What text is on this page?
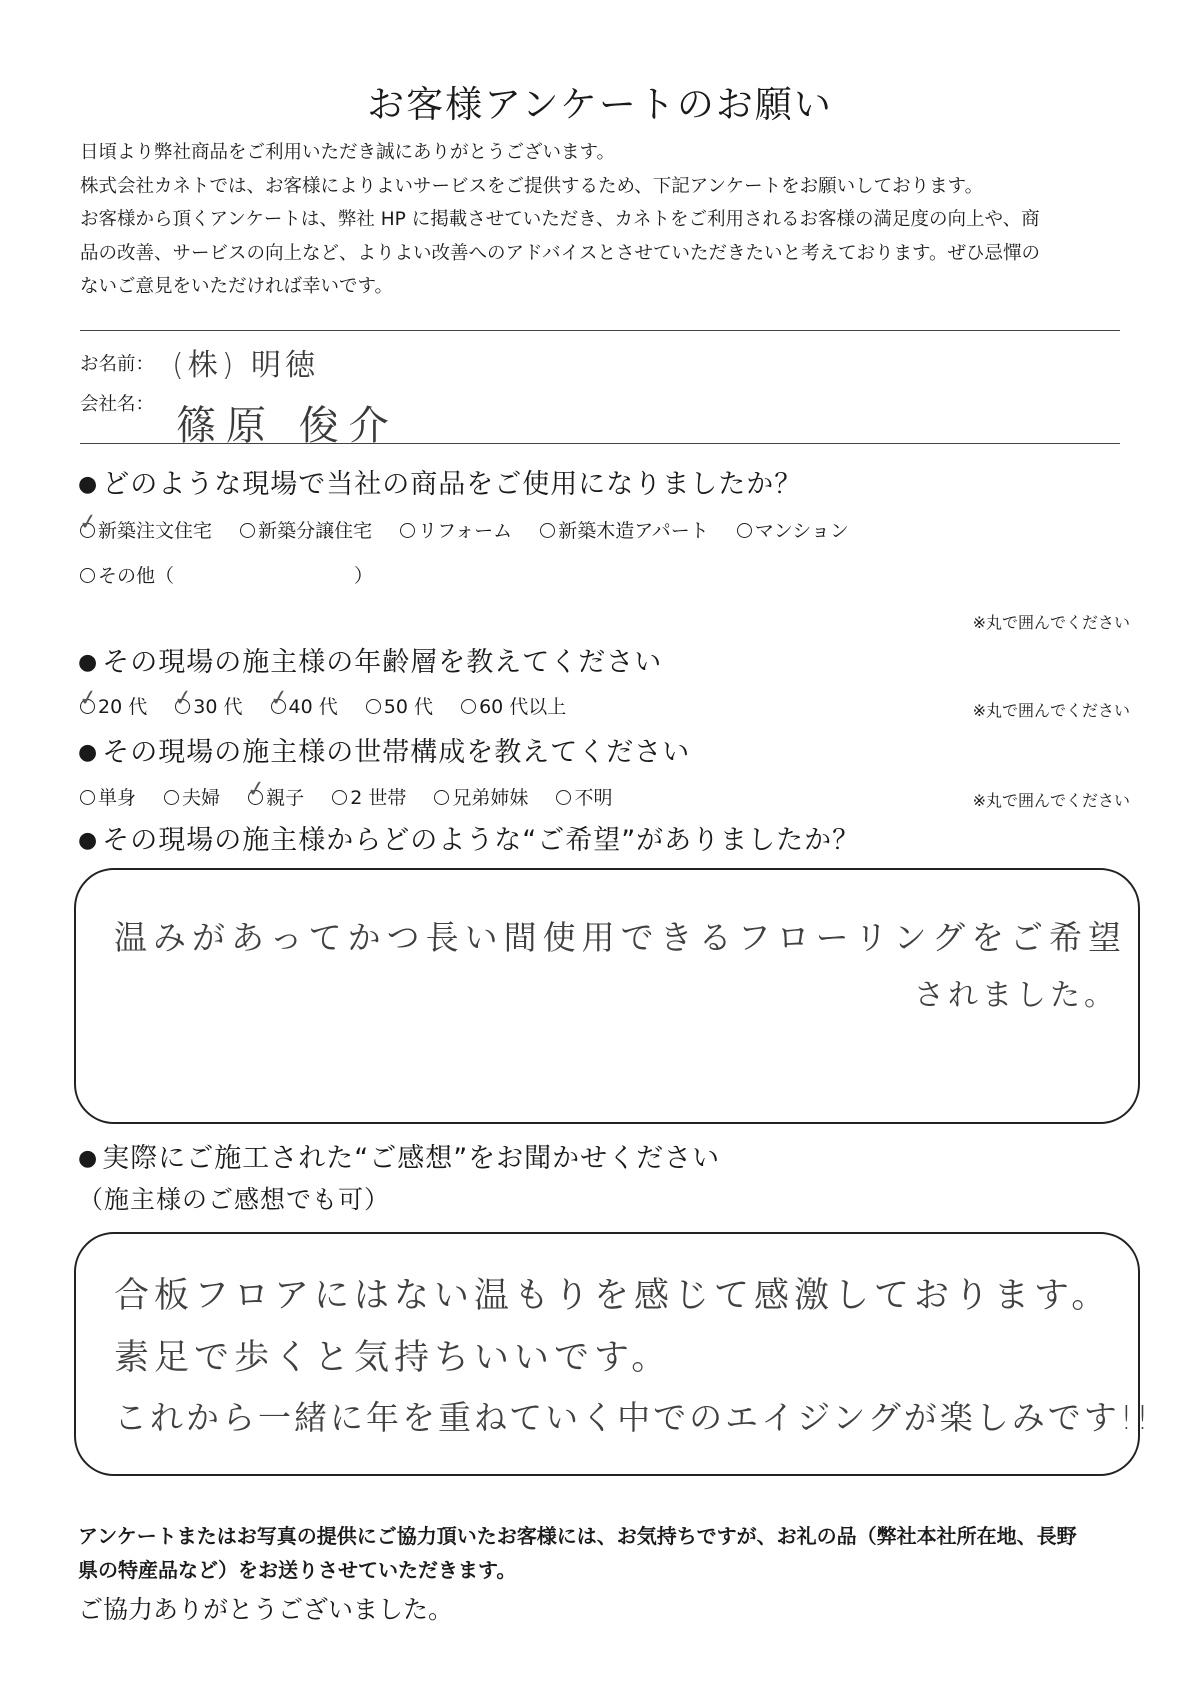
お客様アンケートのお願い
日頃より弊社商品をご利用いただき誠にありがとうございます。
株式会社カネトでは、お客様によりよいサービスをご提供するため、下記アンケートをお願いしております。
お客様から頂くアンケートは、弊社 HP に掲載させていただき、カネトをご利用されるお客様の満足度の向上や、商
品の改善、サービスの向上など、よりよい改善へのアドバイスとさせていただきたいと考えております。ぜひ忌憚の
ないご意見をいただければ幸いです。
お名前： (株) 明徳
会社名： 篠原 俊介
● どのような現場で当社の商品をご使用になりましたか？
✓
新築注文住宅 新築分譲住宅 リフォーム 新築木造アパート マンション
その他（	）
※丸で囲んでください
● その現場の施主様の年齢層を教えてください
✓
20 代 ✓
30 代 ✓
40 代 50 代 60 代以上	※丸で囲んでください
● その現場の施主様の世帯構成を教えてください
単身 夫婦 ✓
親子 2 世帯 兄弟姉妹 不明	※丸で囲んでください
● その現場の施主様からどのような“ご希望”がありましたか？
温みがあってかつ長い間使用できるフローリングをご希望
されました。
● 実際にご施工された“ご感想”をお聞かせください
（施主様のご感想でも可）
合板フロアにはない温もりを感じて感激しております。
素足で歩くと気持ちいいです。
これから一緒に年を重ねていく中でのエイジングが楽しみです!!
アンケートまたはお写真の提供にご協力頂いたお客様には、お気持ちですが、お礼の品（弊社本社所在地、長野
県の特産品など）をお送りさせていただきます。
ご協力ありがとうございました。
